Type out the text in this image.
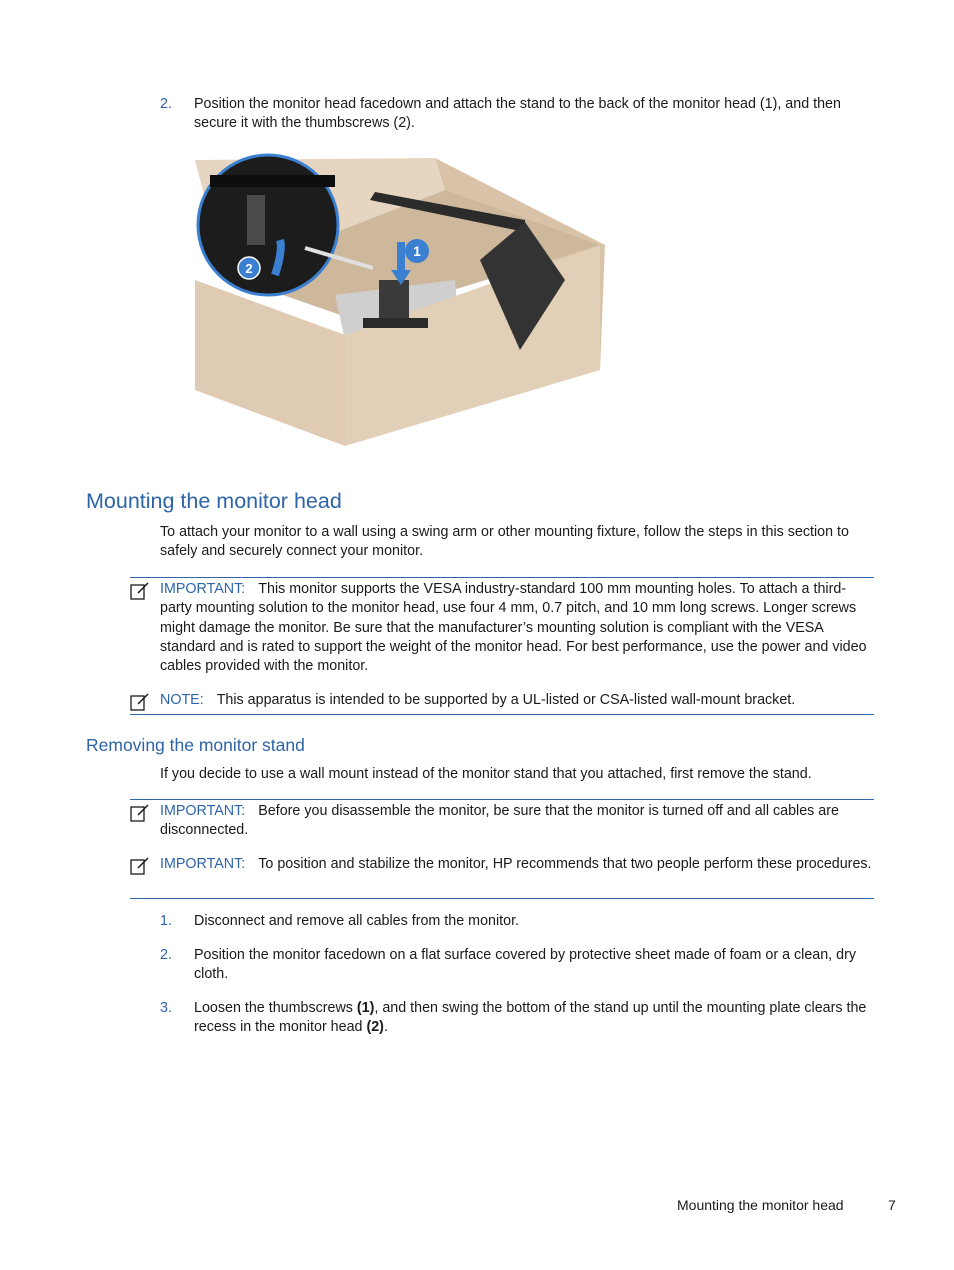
2. Position the monitor head facedown and attach the stand to the back of the monitor head (1), and then secure it with the thumbscrews (2).
1
2
Mounting the monitor head
To attach your monitor to a wall using a swing arm or other mounting fixture, follow the steps in this section to safely and securely connect your monitor.
IMPORTANT: This monitor supports the VESA industry-standard 100 mm mounting holes. To attach a third-party mounting solution to the monitor head, use four 4 mm, 0.7 pitch, and 10 mm long screws. Longer screws might damage the monitor. Be sure that the manufacturer’s mounting solution is compliant with the VESA standard and is rated to support the weight of the monitor head. For best performance, use the power and video cables provided with the monitor.
NOTE: This apparatus is intended to be supported by a UL-listed or CSA-listed wall-mount bracket.
Removing the monitor stand
If you decide to use a wall mount instead of the monitor stand that you attached, first remove the stand.
IMPORTANT: Before you disassemble the monitor, be sure that the monitor is turned off and all cables are disconnected.
IMPORTANT: To position and stabilize the monitor, HP recommends that two people perform these procedures.
1. Disconnect and remove all cables from the monitor.
2. Position the monitor facedown on a flat surface covered by protective sheet made of foam or a clean, dry cloth.
3. Loosen the thumbscrews (1), and then swing the bottom of the stand up until the mounting plate clears the recess in the monitor head (2).
Mounting the monitor head	7
